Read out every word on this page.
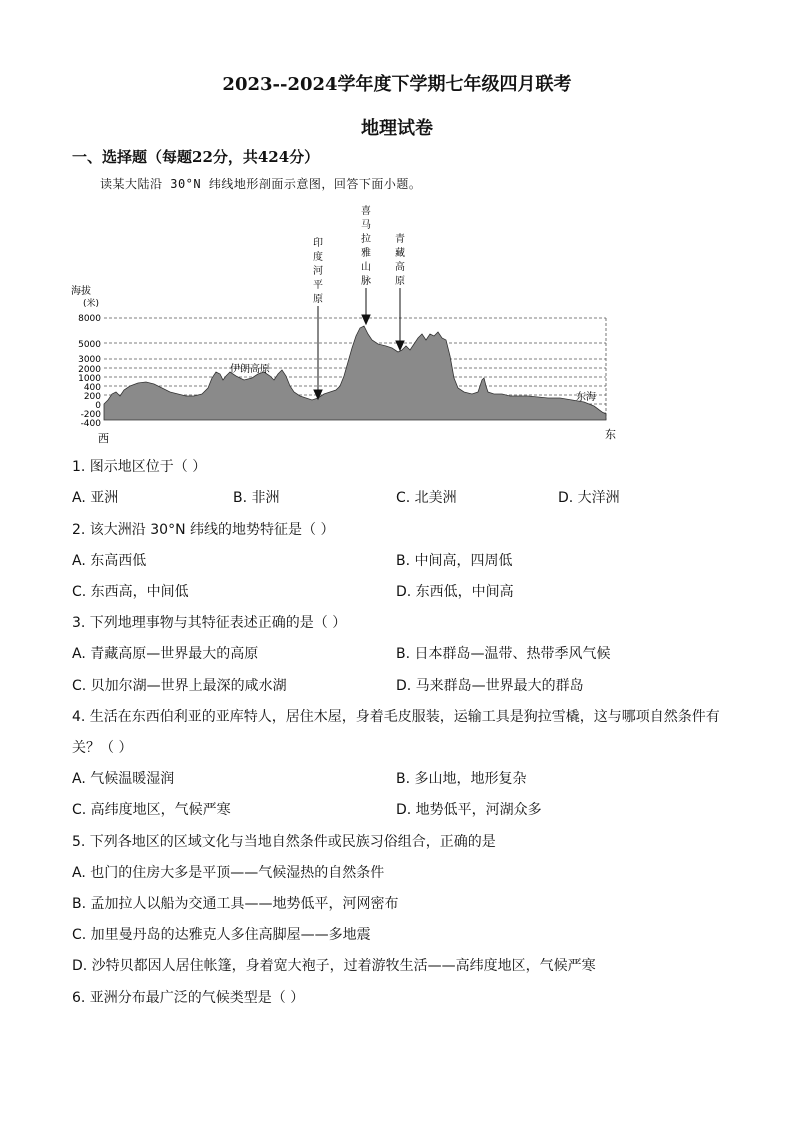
2023--2024学年度下学期七年级四月联考
地理试卷
一、选择题（每题22分，共424分）
读某大陆沿 30°N 纬线地形剖面示意图，回答下面小题。
海拔
(米)
8000
5000
3000
2000
1000
400
200
0
-200
-400
西	东
伊朗高原
东海
印
度
河
平
原
喜
马
拉
雅
山
脉
青
藏
高
原
1. 图示地区位于（ ）
A. 亚洲	B. 非洲	C. 北美洲	D. 大洋洲
2. 该大洲沿 30°N 纬线的地势特征是（ ）
A. 东高西低	B. 中间高，四周低
C. 东西高，中间低	D. 东西低，中间高
3. 下列地理事物与其特征表述正确的是（ ）
A. 青藏高原—世界最大的高原	B. 日本群岛—温带、热带季风气候
C. 贝加尔湖—世界上最深的咸水湖	D. 马来群岛—世界最大的群岛
4. 生活在东西伯利亚的亚库特人，居住木屋，身着毛皮服装，运输工具是狗拉雪橇，这与哪项自然条件有
关？（ ）
A. 气候温暖湿润	B. 多山地，地形复杂
C. 高纬度地区，气候严寒	D. 地势低平，河湖众多
5. 下列各地区的区域文化与当地自然条件或民族习俗组合，正确的是
A. 也门的住房大多是平顶——气候湿热的自然条件
B. 孟加拉人以船为交通工具——地势低平，河网密布
C. 加里曼丹岛的达雅克人多住高脚屋——多地震
D. 沙特贝都因人居住帐篷，身着宽大袍子，过着游牧生活——高纬度地区，气候严寒
6. 亚洲分布最广泛的气候类型是（ ）
